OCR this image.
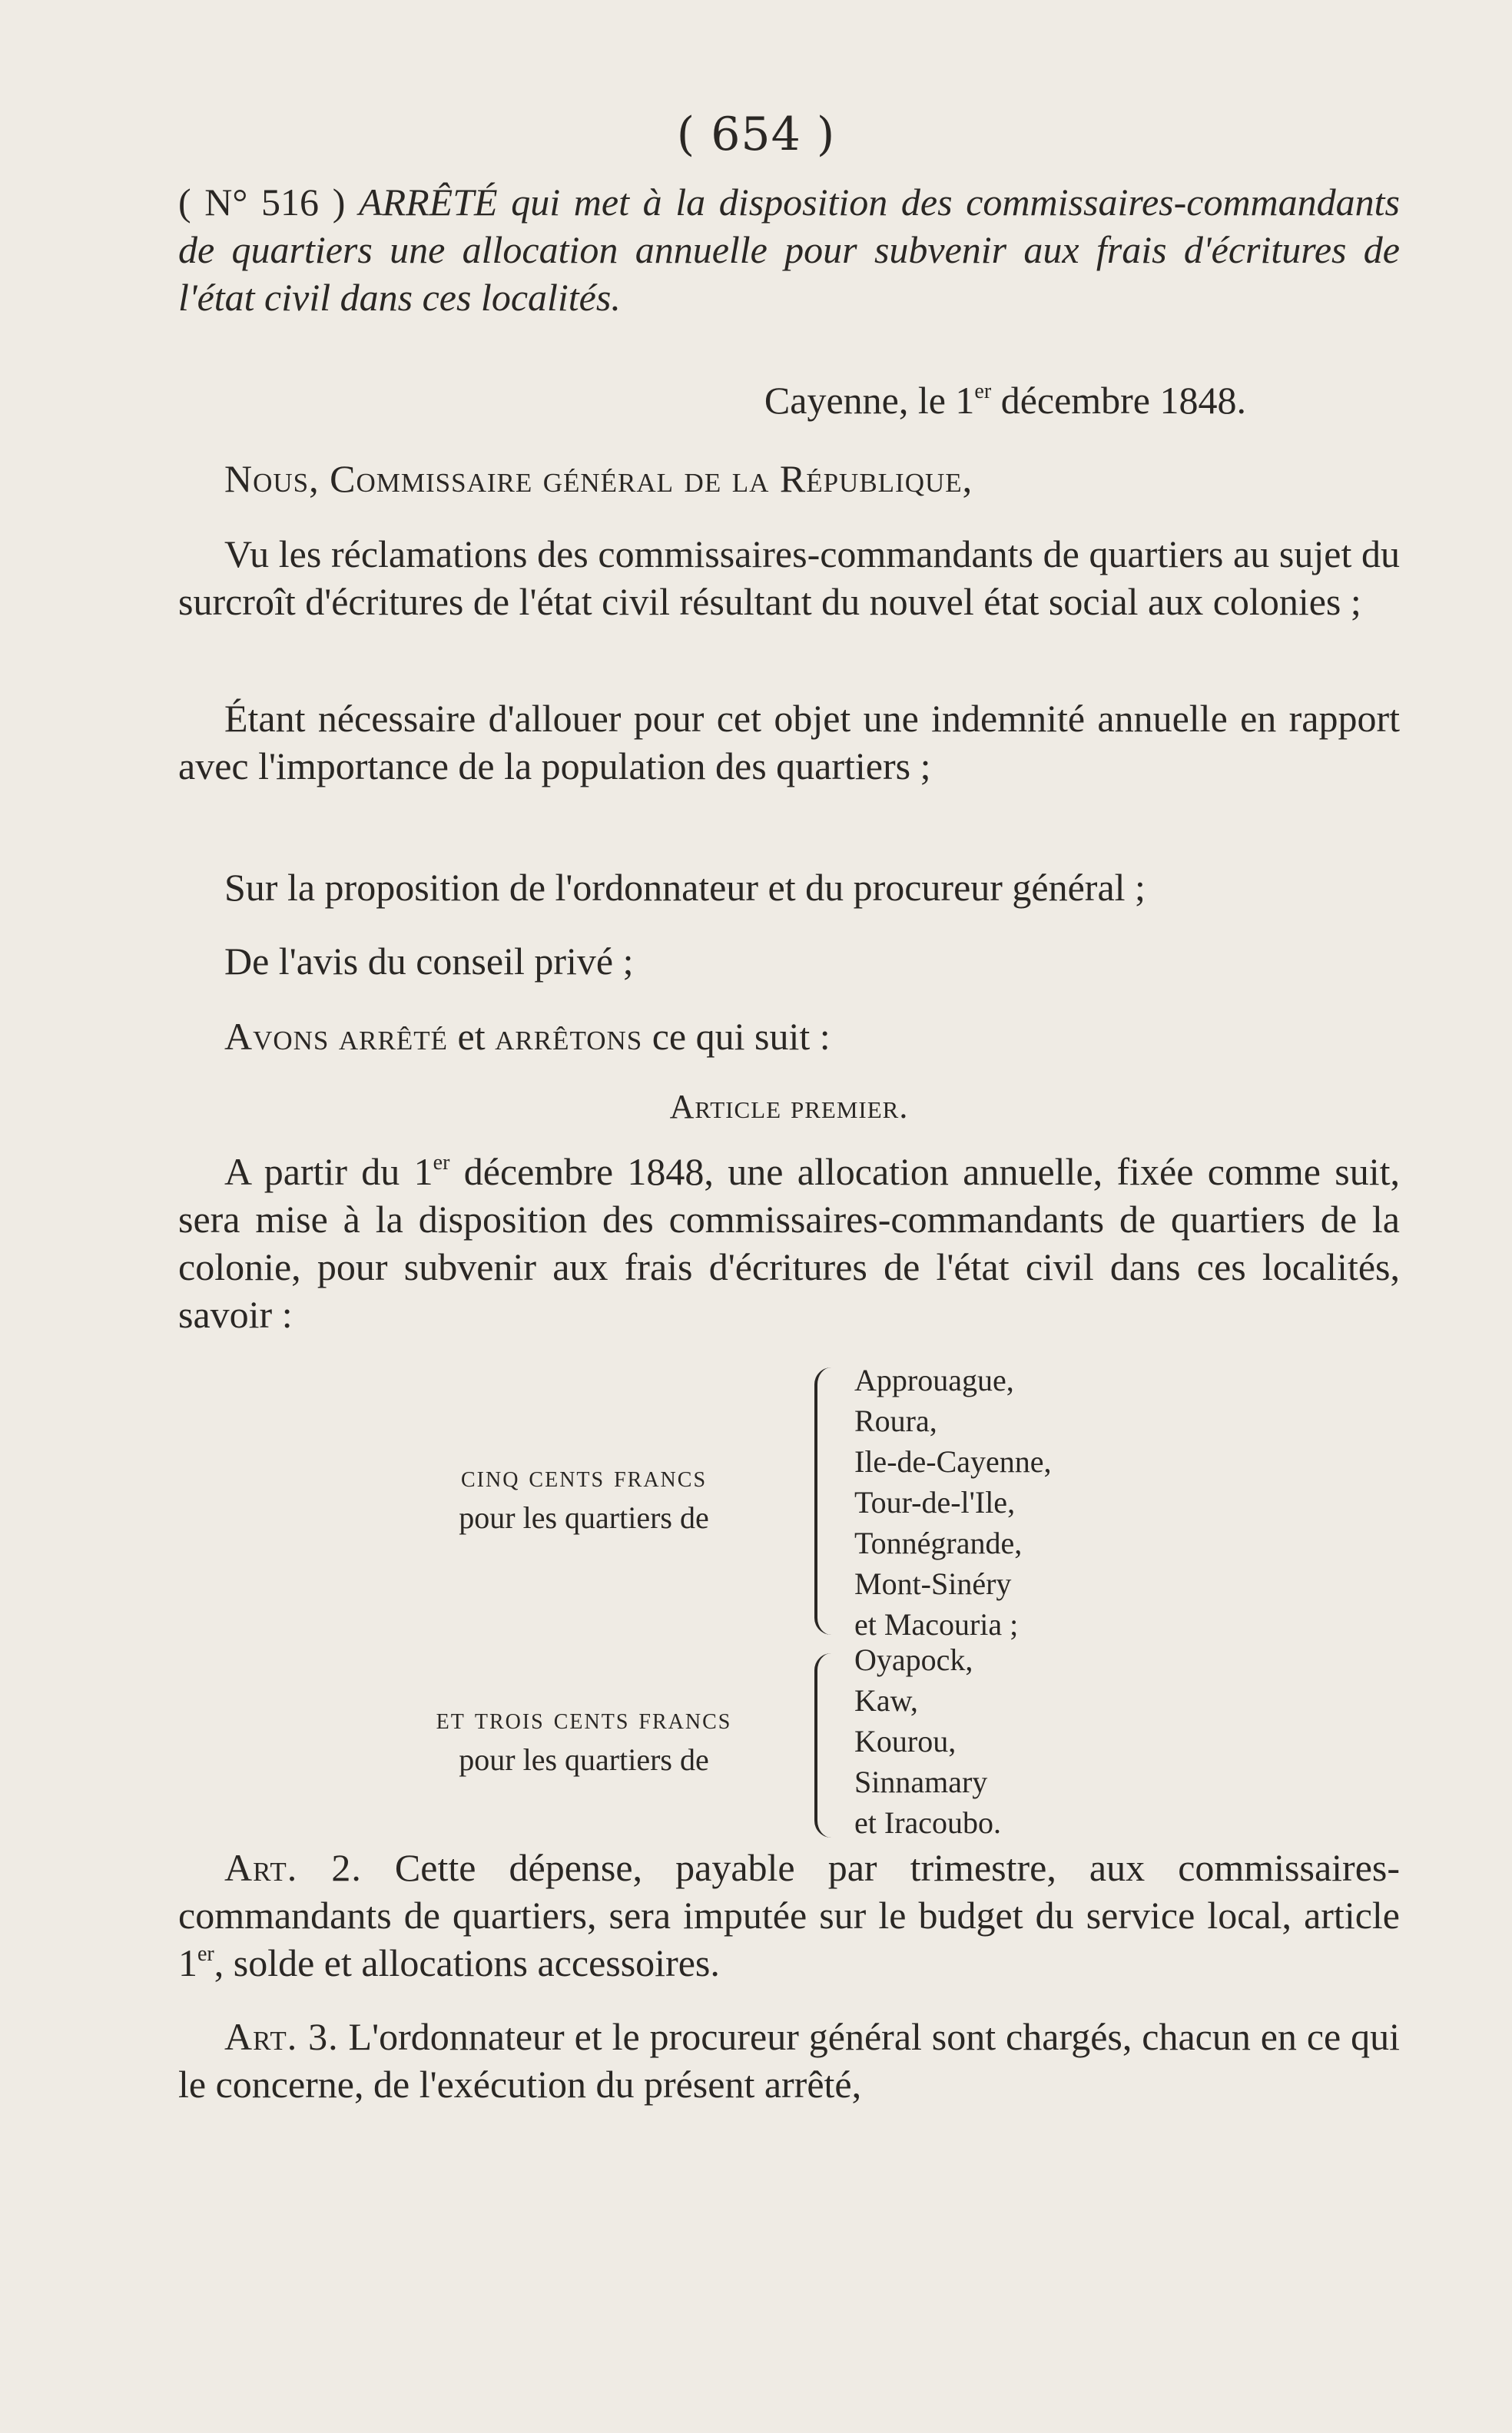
( 654 )
( N° 516 ) ARRÊTÉ qui met à la disposition des commissaires-commandants de quartiers une allocation annuelle pour subvenir aux frais d'écritures de l'état civil dans ces localités.
Cayenne, le 1er décembre 1848.
Nous, Commissaire général de la République,
Vu les réclamations des commissaires-commandants de quartiers au sujet du surcroît d'écritures de l'état civil résultant du nouvel état social aux colonies ;
Étant nécessaire d'allouer pour cet objet une indemnité annuelle en rapport avec l'importance de la population des quartiers ;
Sur la proposition de l'ordonnateur et du procureur général ;
De l'avis du conseil privé ;
Avons arrêté et arrêtons ce qui suit :
Article premier.
A partir du 1er décembre 1848, une allocation annuelle, fixée comme suit, sera mise à la disposition des commissaires-commandants de quartiers de la colonie, pour subvenir aux frais d'écritures de l'état civil dans ces localités, savoir :
cinq cents francs
pour les quartiers de
Approuague,
Roura,
Ile-de-Cayenne,
Tour-de-l'Ile,
Tonnégrande,
Mont-Sinéry
et Macouria ;
et trois cents francs
pour les quartiers de
Oyapock,
Kaw,
Kourou,
Sinnamary
et Iracoubo.
Art. 2. Cette dépense, payable par trimestre, aux commissaires-commandants de quartiers, sera imputée sur le budget du service local, article 1er, solde et allocations accessoires.
Art. 3. L'ordonnateur et le procureur général sont chargés, chacun en ce qui le concerne, de l'exécution du présent arrêté,
